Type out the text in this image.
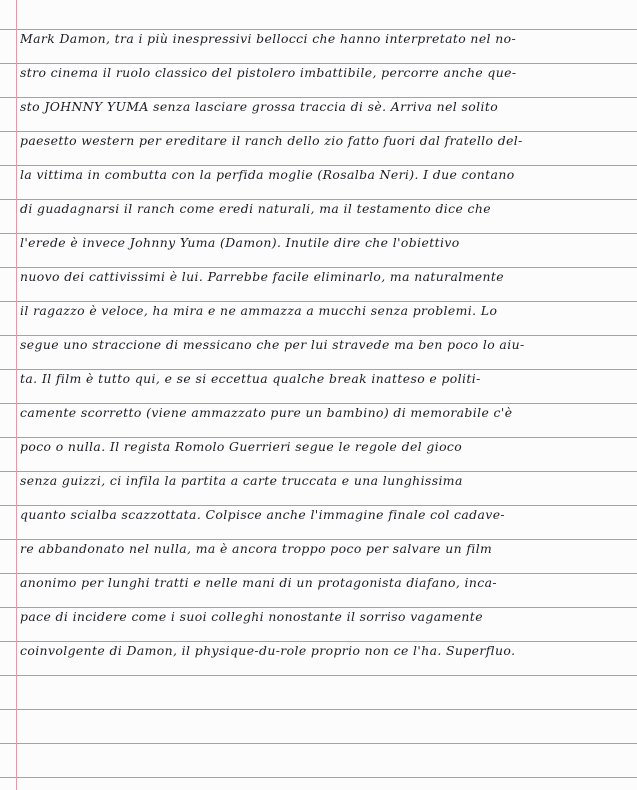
Mark Damon, tra i più inespressivi bellocci che hanno interpretato nel no-
stro cinema il ruolo classico del pistolero imbattibile, percorre anche que-
sto JOHNNY YUMA senza lasciare grossa traccia di sè. Arriva nel solito
paesetto western per ereditare il ranch dello zio fatto fuori dal fratello del-
la vittima in combutta con la perfida moglie (Rosalba Neri). I due contano
di guadagnarsi il ranch come eredi naturali, ma il testamento dice che
l'erede è invece Johnny Yuma (Damon). Inutile dire che l'obiettivo
nuovo dei cattivissimi è lui. Parrebbe facile eliminarlo, ma naturalmente
il ragazzo è veloce, ha mira e ne ammazza a mucchi senza problemi. Lo
segue uno straccione di messicano che per lui stravede ma ben poco lo aiu-
ta. Il film è tutto qui, e se si eccettua qualche break inatteso e politi-
camente scorretto (viene ammazzato pure un bambino) di memorabile c'è
poco o nulla. Il regista Romolo Guerrieri segue le regole del gioco
senza guizzi, ci infila la partita a carte truccata e una lunghissima
quanto scialba scazzottata. Colpisce anche l'immagine finale col cadave-
re abbandonato nel nulla, ma è ancora troppo poco per salvare un film
anonimo per lunghi tratti e nelle mani di un protagonista diafano, inca-
pace di incidere come i suoi colleghi nonostante il sorriso vagamente
coinvolgente di Damon, il physique-du-role proprio non ce l'ha. Superfluo.
